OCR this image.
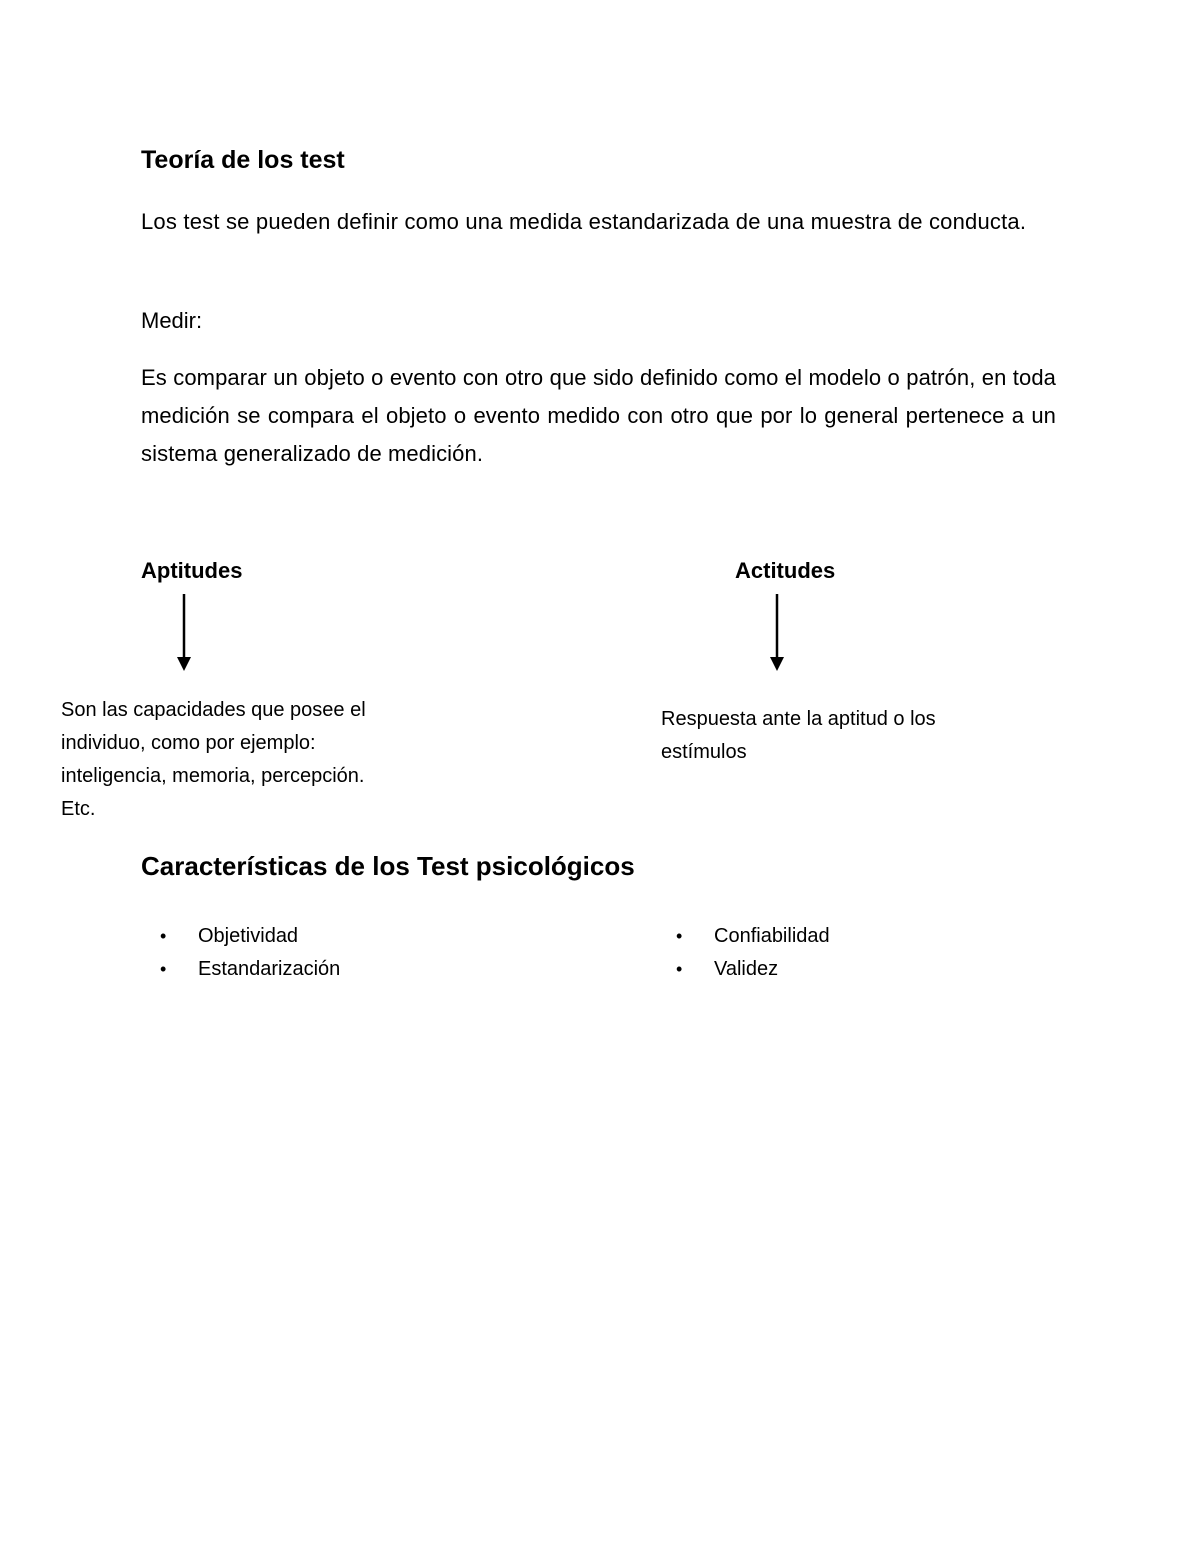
Teoría de los test

Los test se pueden definir como una medida estandarizada de una muestra de conducta.

Medir:

Es comparar un objeto o evento con otro que sido definido como el modelo o patrón, en toda medición se compara el objeto o evento medido con otro que por lo general pertenece a un sistema generalizado de medición.

Aptitudes	Actitudes

Son las capacidades que posee el individuo, como por ejemplo: inteligencia, memoria, percepción. Etc.

Respuesta ante la aptitud o los estímulos

Características de los Test psicológicos
• Objetividad
• Estandarización
• Confiabilidad
• Validez
